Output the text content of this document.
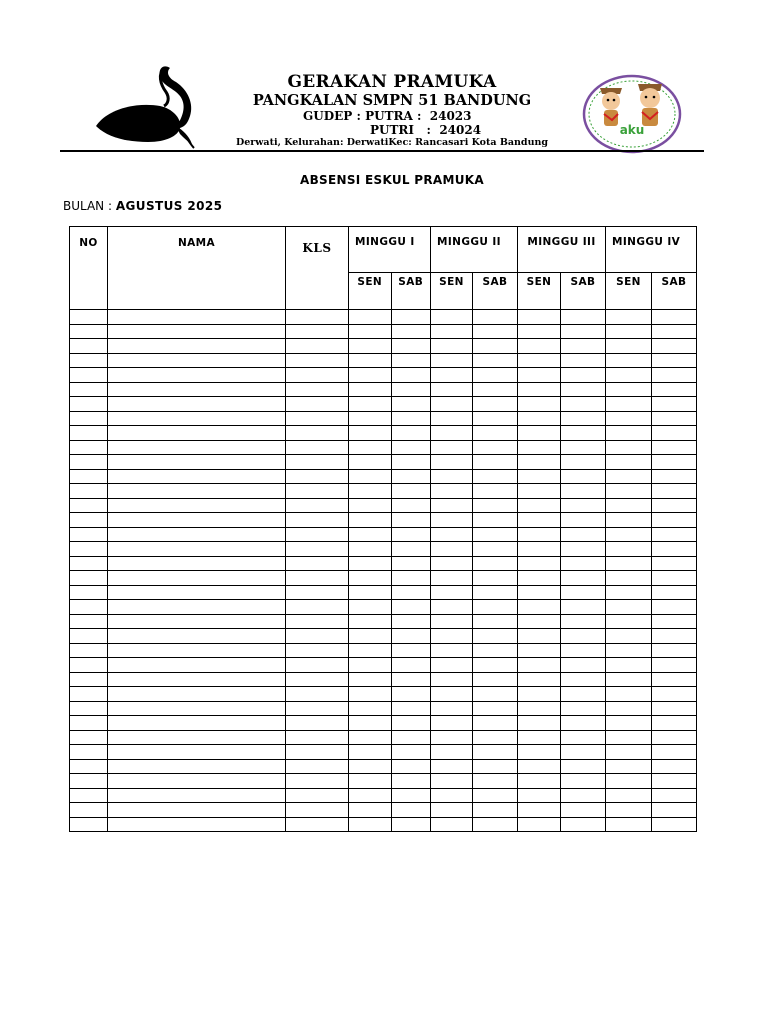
GERAKAN PRAMUKA
PANGKALAN SMPN 51 BANDUNG
GUDEP : PUTRA :  24023
PUTRI   :  24024
Derwati, Kelurahan: DerwatiKec: Rancasari Kota Bandung
aku
ABSENSI ESKUL PRAMUKA
BULAN : AGUSTUS 2025
NO	NAMA	KLS	MINGGU I		MINGGU II		MINGGU III		MINGGU IV	

			SEN	SAB	SEN	SAB	SEN	SAB	SEN	SAB
